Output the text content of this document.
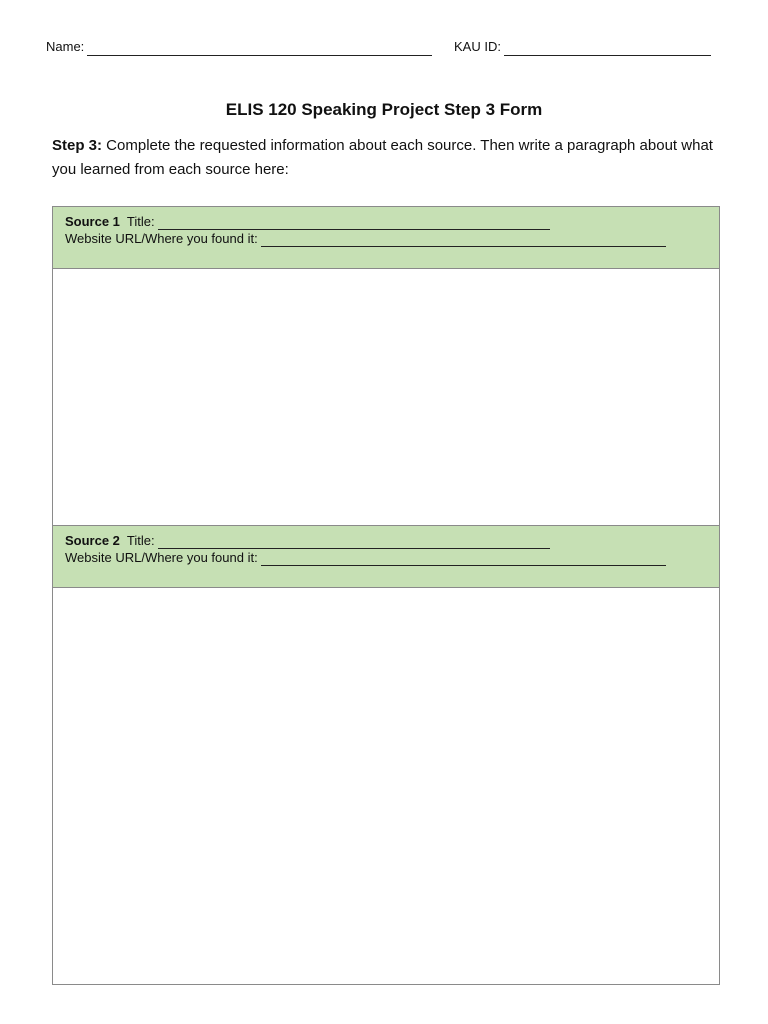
Name:	KAU ID:
ELIS 120 Speaking Project Step 3 Form
Step 3: Complete the requested information about each source. Then write a paragraph about what you learned from each source here:
Source 1 Title:
Website URL/Where you found it:
Source 2 Title:
Website URL/Where you found it:
